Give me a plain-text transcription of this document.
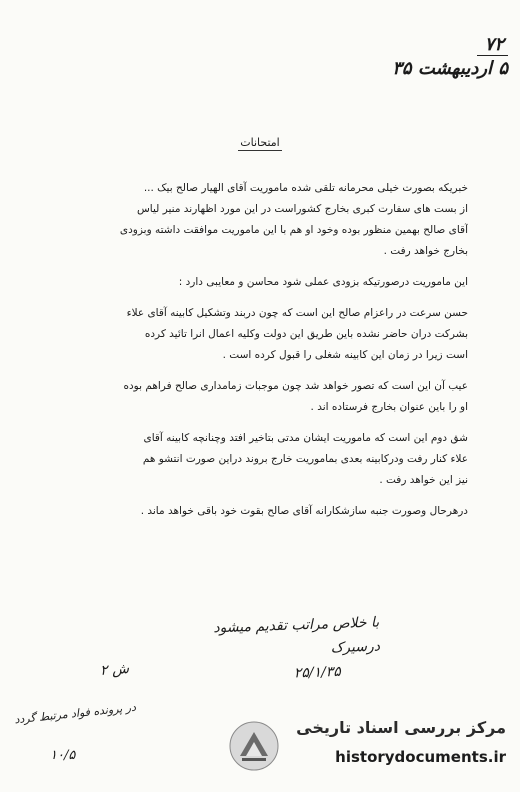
۷۲
۵ اردیبهشت ۳۵
امتحانات
خبریکه بصورت خیلی محرمانه تلقی شده ماموریت آقای الهیار صالح بیک ...
از بست های سفارت کبری بخارج کشوراست در این مورد اظهارند منیر لیاس
آقای صالح بهمین منظور بوده وخود او هم با این ماموریت موافقت داشته وبزودی
بخارج خواهد رفت .
این ماموریت درصورتیکه بزودی عملی شود محاسن و معایبی دارد :
حسن سرعت در راعزام صالح این است که چون دربند وتشکیل کابینه آقای علاء
بشرکت دران حاضر نشده باین طریق این دولت وکلیه اعمال انرا تائید کرده
است زیرا در زمان این کابینه شغلی را قبول کرده است .
عیب آن این است که تصور خواهد شد چون موجبات زمامداری صالح فراهم بوده
او را باین عنوان بخارج فرستاده اند .
شق دوم این است که ماموریت ایشان مدتی بتاخیر افتد وچنانچه کابینه آقای
علاء کنار رفت ودرکابینه بعدی بماموریت خارج بروند دراین صورت انتشو هم
نیز این خواهد رفت .
درهرحال وصورت جنبه سازشکارانه آقای صالح بقوت خود باقی خواهد ماند .
با خلاص مراتب تقدیم میشود درسیرک
۲۵/۱/۳۵
ش ۲
در پرونده فواد مرتبط گردد
۱۰/۵
مرکز بررسی اسناد تاریخی
historydocuments.ir
